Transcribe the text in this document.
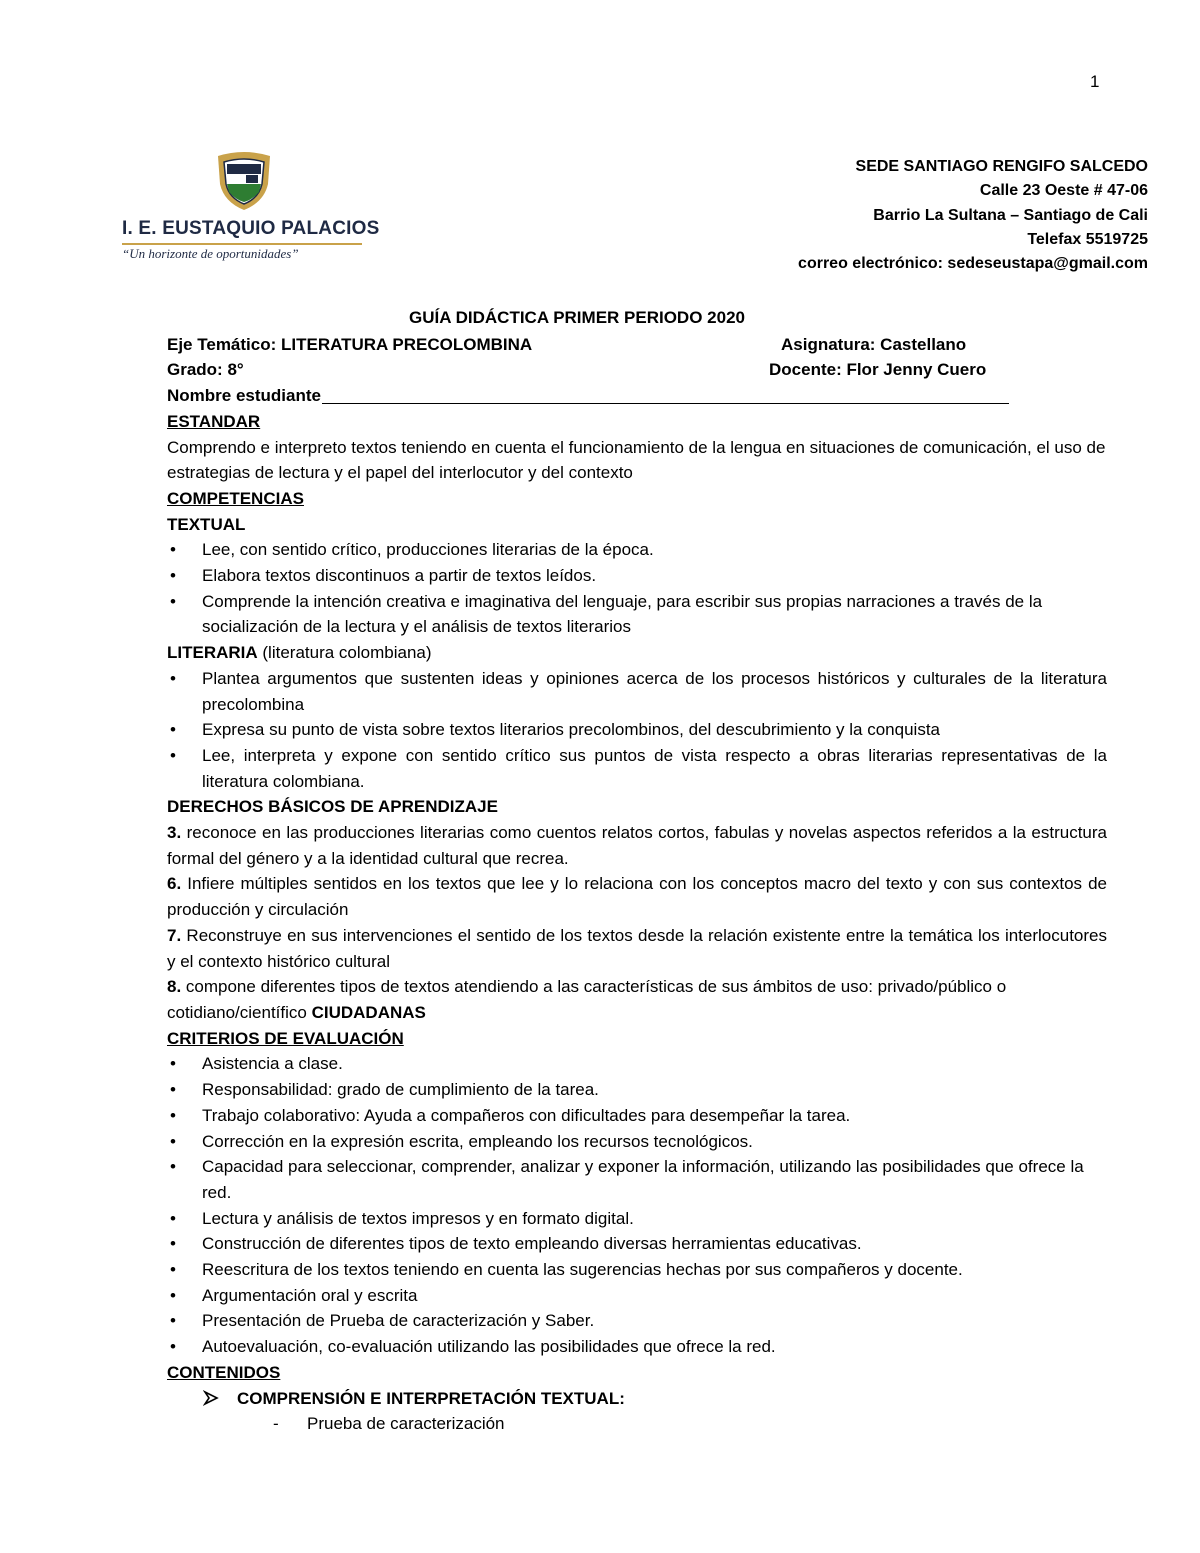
1
I. E. EUSTAQUIO PALACIOS
“Un horizonte de oportunidades”
SEDE SANTIAGO RENGIFO SALCEDO
Calle 23 Oeste # 47-06
Barrio La Sultana – Santiago de Cali
Telefax 5519725
correo electrónico: sedeseustapa@gmail.com
GUÍA DIDÁCTICA PRIMER PERIODO 2020
Eje Temático: LITERATURA PRECOLOMBINA	Asignatura: Castellano
Grado: 8°	Docente: Flor Jenny Cuero
Nombre estudiante
ESTANDAR

Comprendo e interpreto textos teniendo en cuenta el funcionamiento de la lengua en situaciones de comunicación, el uso de estrategias de lectura y el papel del interlocutor y del contexto

COMPETENCIAS
TEXTUAL
• Lee, con sentido crítico, producciones literarias de la época.
• Elabora textos discontinuos a partir de textos leídos.
• Comprende la intención creativa e imaginativa del lenguaje, para escribir sus propias narraciones a través de la socialización de la lectura y el análisis de textos literarios
LITERARIA (literatura colombiana)
• Plantea argumentos que sustenten ideas y opiniones acerca de los procesos históricos y culturales de la literatura precolombina
• Expresa su punto de vista sobre textos literarios precolombinos, del descubrimiento y la conquista
• Lee, interpreta y expone con sentido crítico sus puntos de vista respecto a obras literarias representativas de la literatura colombiana.
DERECHOS BÁSICOS DE APRENDIZAJE

3. reconoce en las producciones literarias como cuentos relatos cortos, fabulas y novelas aspectos referidos a la estructura formal del género y a la identidad cultural que recrea.

6. Infiere múltiples sentidos en los textos que lee y lo relaciona con los conceptos macro del texto y con sus contextos de producción y circulación

7. Reconstruye en sus intervenciones el sentido de los textos desde la relación existente entre la temática los interlocutores y el contexto histórico cultural

8. compone diferentes tipos de textos atendiendo a las características de sus ámbitos de uso: privado/público o cotidiano/científico CIUDADANAS

CRITERIOS DE EVALUACIÓN
• Asistencia a clase.
• Responsabilidad: grado de cumplimiento de la tarea.
• Trabajo colaborativo: Ayuda a compañeros con dificultades para desempeñar la tarea.
• Corrección en la expresión escrita, empleando los recursos tecnológicos.
• Capacidad para seleccionar, comprender, analizar y exponer la información, utilizando las posibilidades que ofrece la red.
• Lectura y análisis de textos impresos y en formato digital.
• Construcción de diferentes tipos de texto empleando diversas herramientas educativas.
• Reescritura de los textos teniendo en cuenta las sugerencias hechas por sus compañeros y docente.
• Argumentación oral y escrita
• Presentación de Prueba de caracterización y Saber.
• Autoevaluación, co-evaluación utilizando las posibilidades que ofrece la red.
CONTENIDOS
COMPRENSIÓN E INTERPRETACIÓN TEXTUAL:
- Prueba de caracterización
